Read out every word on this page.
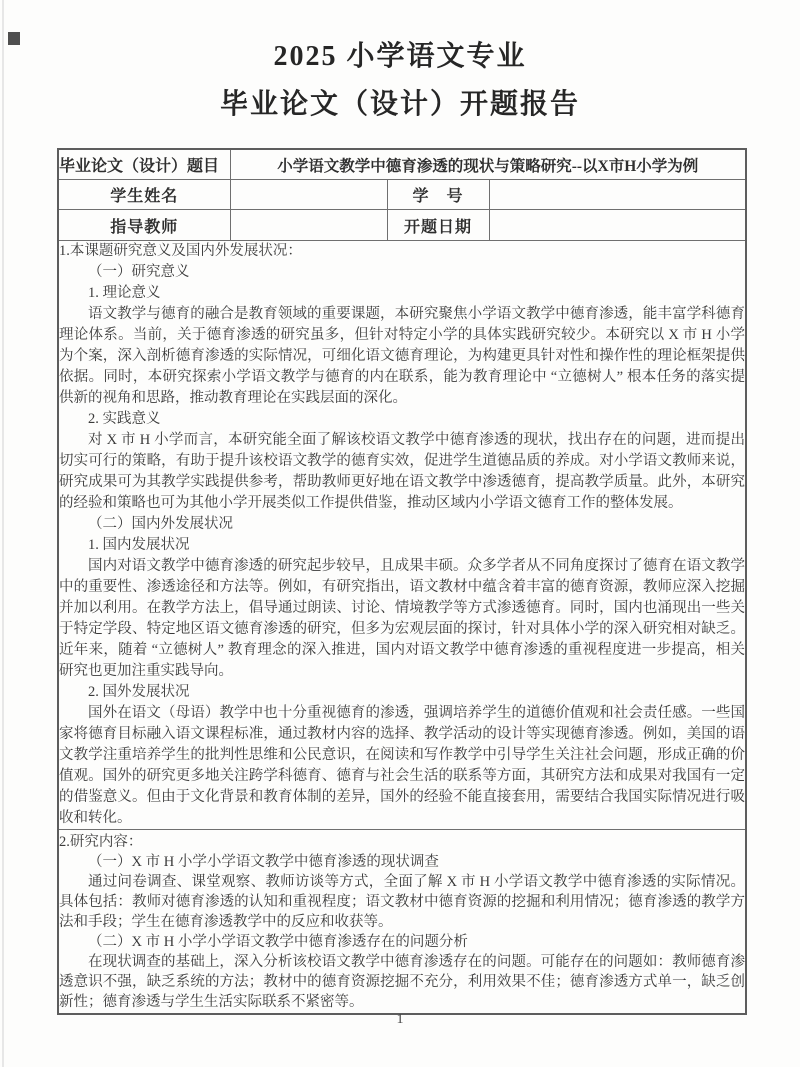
2025 小学语文专业
毕业论文（设计）开题报告
毕业论文（设计）题目	小学语文教学中德育渗透的现状与策略研究--以X市H小学为例		
学生姓名		学　号	
指导教师		开题日期	

1.本课题研究意义及国内外发展状况：

（一）研究意义

1. 理论意义

语文教学与德育的融合是教育领域的重要课题，本研究聚焦小学语文教学中德育渗透，能丰富学科德育理论体系。当前，关于德育渗透的研究虽多，但针对特定小学的具体实践研究较少。本研究以 X 市 H 小学为个案，深入剖析德育渗透的实际情况，可细化语文德育理论，为构建更具针对性和操作性的理论框架提供依据。同时，本研究探索小学语文教学与德育的内在联系，能为教育理论中 “立德树人” 根本任务的落实提供新的视角和思路，推动教育理论在实践层面的深化。

2. 实践意义

对 X 市 H 小学而言，本研究能全面了解该校语文教学中德育渗透的现状，找出存在的问题，进而提出切实可行的策略，有助于提升该校语文教学的德育实效，促进学生道德品质的养成。对小学语文教师来说，研究成果可为其教学实践提供参考，帮助教师更好地在语文教学中渗透德育，提高教学质量。此外，本研究的经验和策略也可为其他小学开展类似工作提供借鉴，推动区域内小学语文德育工作的整体发展。

（二）国内外发展状况

1. 国内发展状况

国内对语文教学中德育渗透的研究起步较早，且成果丰硕。众多学者从不同角度探讨了德育在语文教学中的重要性、渗透途径和方法等。例如，有研究指出，语文教材中蕴含着丰富的德育资源，教师应深入挖掘并加以利用。在教学方法上，倡导通过朗读、讨论、情境教学等方式渗透德育。同时，国内也涌现出一些关于特定学段、特定地区语文德育渗透的研究，但多为宏观层面的探讨，针对具体小学的深入研究相对缺乏。近年来，随着 “立德树人” 教育理念的深入推进，国内对语文教学中德育渗透的重视程度进一步提高，相关研究也更加注重实践导向。

2. 国外发展状况

国外在语文（母语）教学中也十分重视德育的渗透，强调培养学生的道德价值观和社会责任感。一些国家将德育目标融入语文课程标准，通过教材内容的选择、教学活动的设计等实现德育渗透。例如，美国的语文教学注重培养学生的批判性思维和公民意识，在阅读和写作教学中引导学生关注社会问题，形成正确的价值观。国外的研究更多地关注跨学科德育、德育与社会生活的联系等方面，其研究方法和成果对我国有一定的借鉴意义。但由于文化背景和教育体制的差异，国外的经验不能直接套用，需要结合我国实际情况进行吸收和转化。

2.研究内容：

（一）X 市 H 小学小学语文教学中德育渗透的现状调查

通过问卷调查、课堂观察、教师访谈等方式，全面了解 X 市 H 小学语文教学中德育渗透的实际情况。具体包括：教师对德育渗透的认知和重视程度；语文教材中德育资源的挖掘和利用情况；德育渗透的教学方法和手段；学生在德育渗透教学中的反应和收获等。

（二）X 市 H 小学小学语文教学中德育渗透存在的问题分析

在现状调查的基础上，深入分析该校语文教学中德育渗透存在的问题。可能存在的问题如：教师德育渗透意识不强，缺乏系统的方法；教材中的德育资源挖掘不充分，利用效果不佳；德育渗透方式单一，缺乏创新性；德育渗透与学生生活实际联系不紧密等。			

1
